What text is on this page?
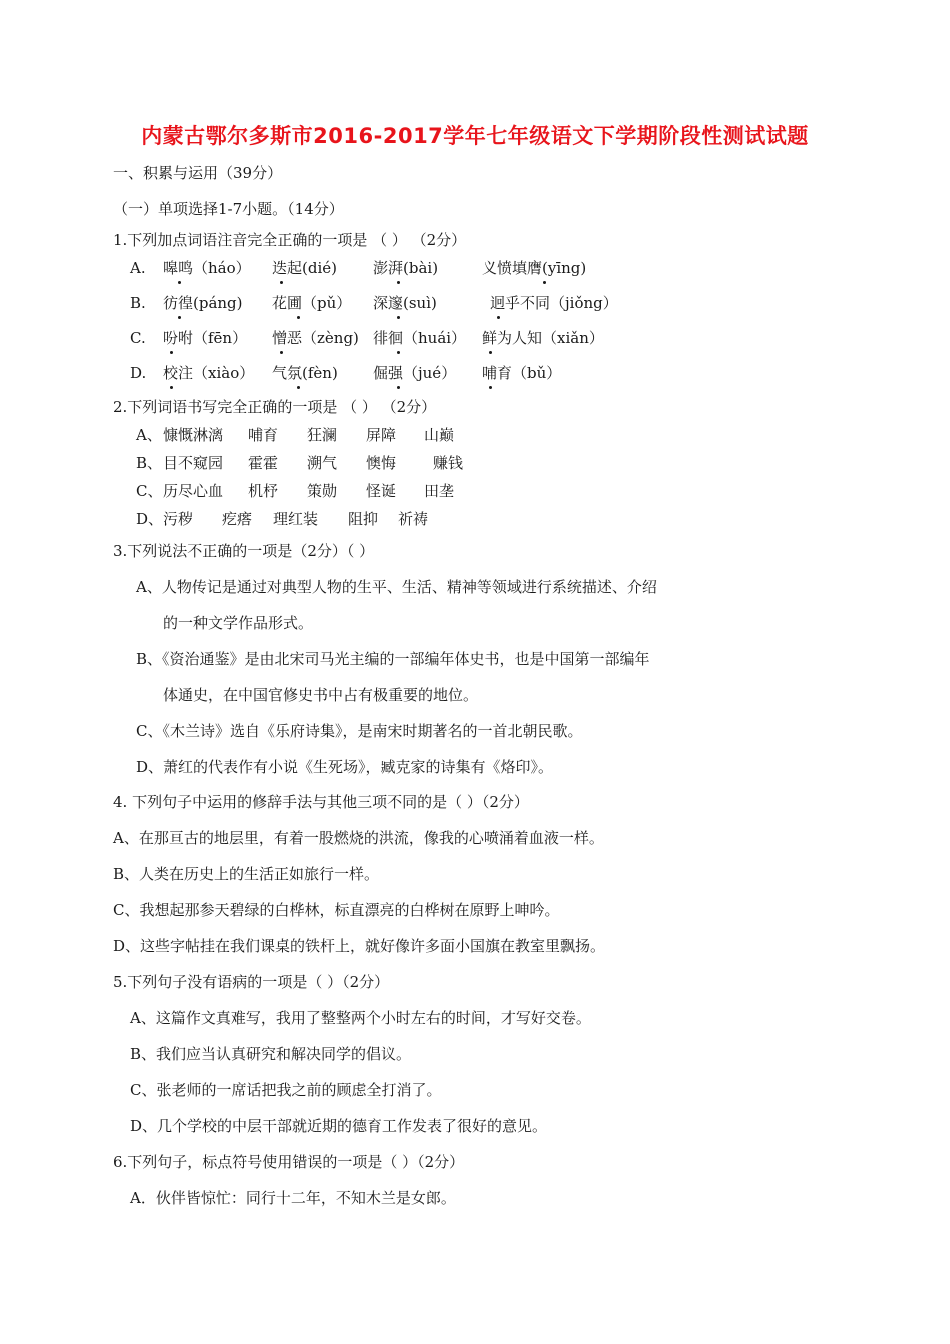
内蒙古鄂尔多斯市2016-2017学年七年级语文下学期阶段性测试试题
一、积累与运用（39分）
（一）单项选择1-7小题。（14分）
1.下列加点词语注音完全正确的一项是 （ ） （2分）
A. 嗥鸣（háo） 迭起(dié) 澎湃(bài)	义愤填膺(yīng)
B. 彷徨(páng) 花圃（pǔ） 深邃(suì)	迥乎不同（jiǒng）
C. 吩咐（fēn） 憎恶（zèng) 徘徊（huái） 鲜为人知（xiǎn）
D. 校注（xiào） 气氛(fèn) 倔强（jué） 哺育（bǔ）
2.下列词语书写完全正确的一项是 （ ） （2分）
A、 慷慨淋漓 哺育 狂澜 屏障 山巅
B、 目不窥园 霍霍 溯气 懊悔 赚钱
C、 历尽心血 机杼 策勋 怪诞 田垄
D、 污秽 疙瘩 理红装 阻抑 祈祷
3.下列说法不正确的一项是（2分）（ ）
A、人物传记是通过对典型人物的生平、生活、精神等领域进行系统描述、介绍
的一种文学作品形式。
B、《资治通鉴》是由北宋司马光主编的一部编年体史书，也是中国第一部编年
体通史，在中国官修史书中占有极重要的地位。
C、《木兰诗》选自《乐府诗集》，是南宋时期著名的一首北朝民歌。
D、萧红的代表作有小说《生死场》，臧克家的诗集有《烙印》。
4. 下列句子中运用的修辞手法与其他三项不同的是（ ）（2分）
A、在那亘古的地层里，有着一股燃烧的洪流，像我的心喷涌着血液一样。
B、人类在历史上的生活正如旅行一样。
C、我想起那参天碧绿的白桦林，标直漂亮的白桦树在原野上呻吟。
D、这些字帖挂在我们课桌的铁杆上，就好像许多面小国旗在教室里飘扬。
5.下列句子没有语病的一项是（ ）（2分）
A、这篇作文真难写，我用了整整两个小时左右的时间，才写好交卷。
B、我们应当认真研究和解决同学的倡议。
C、张老师的一席话把我之前的顾虑全打消了。
D、几个学校的中层干部就近期的德育工作发表了很好的意见。
6.下列句子，标点符号使用错误的一项是（ ）（2分）
A．伙伴皆惊忙：同行十二年，不知木兰是女郎。
